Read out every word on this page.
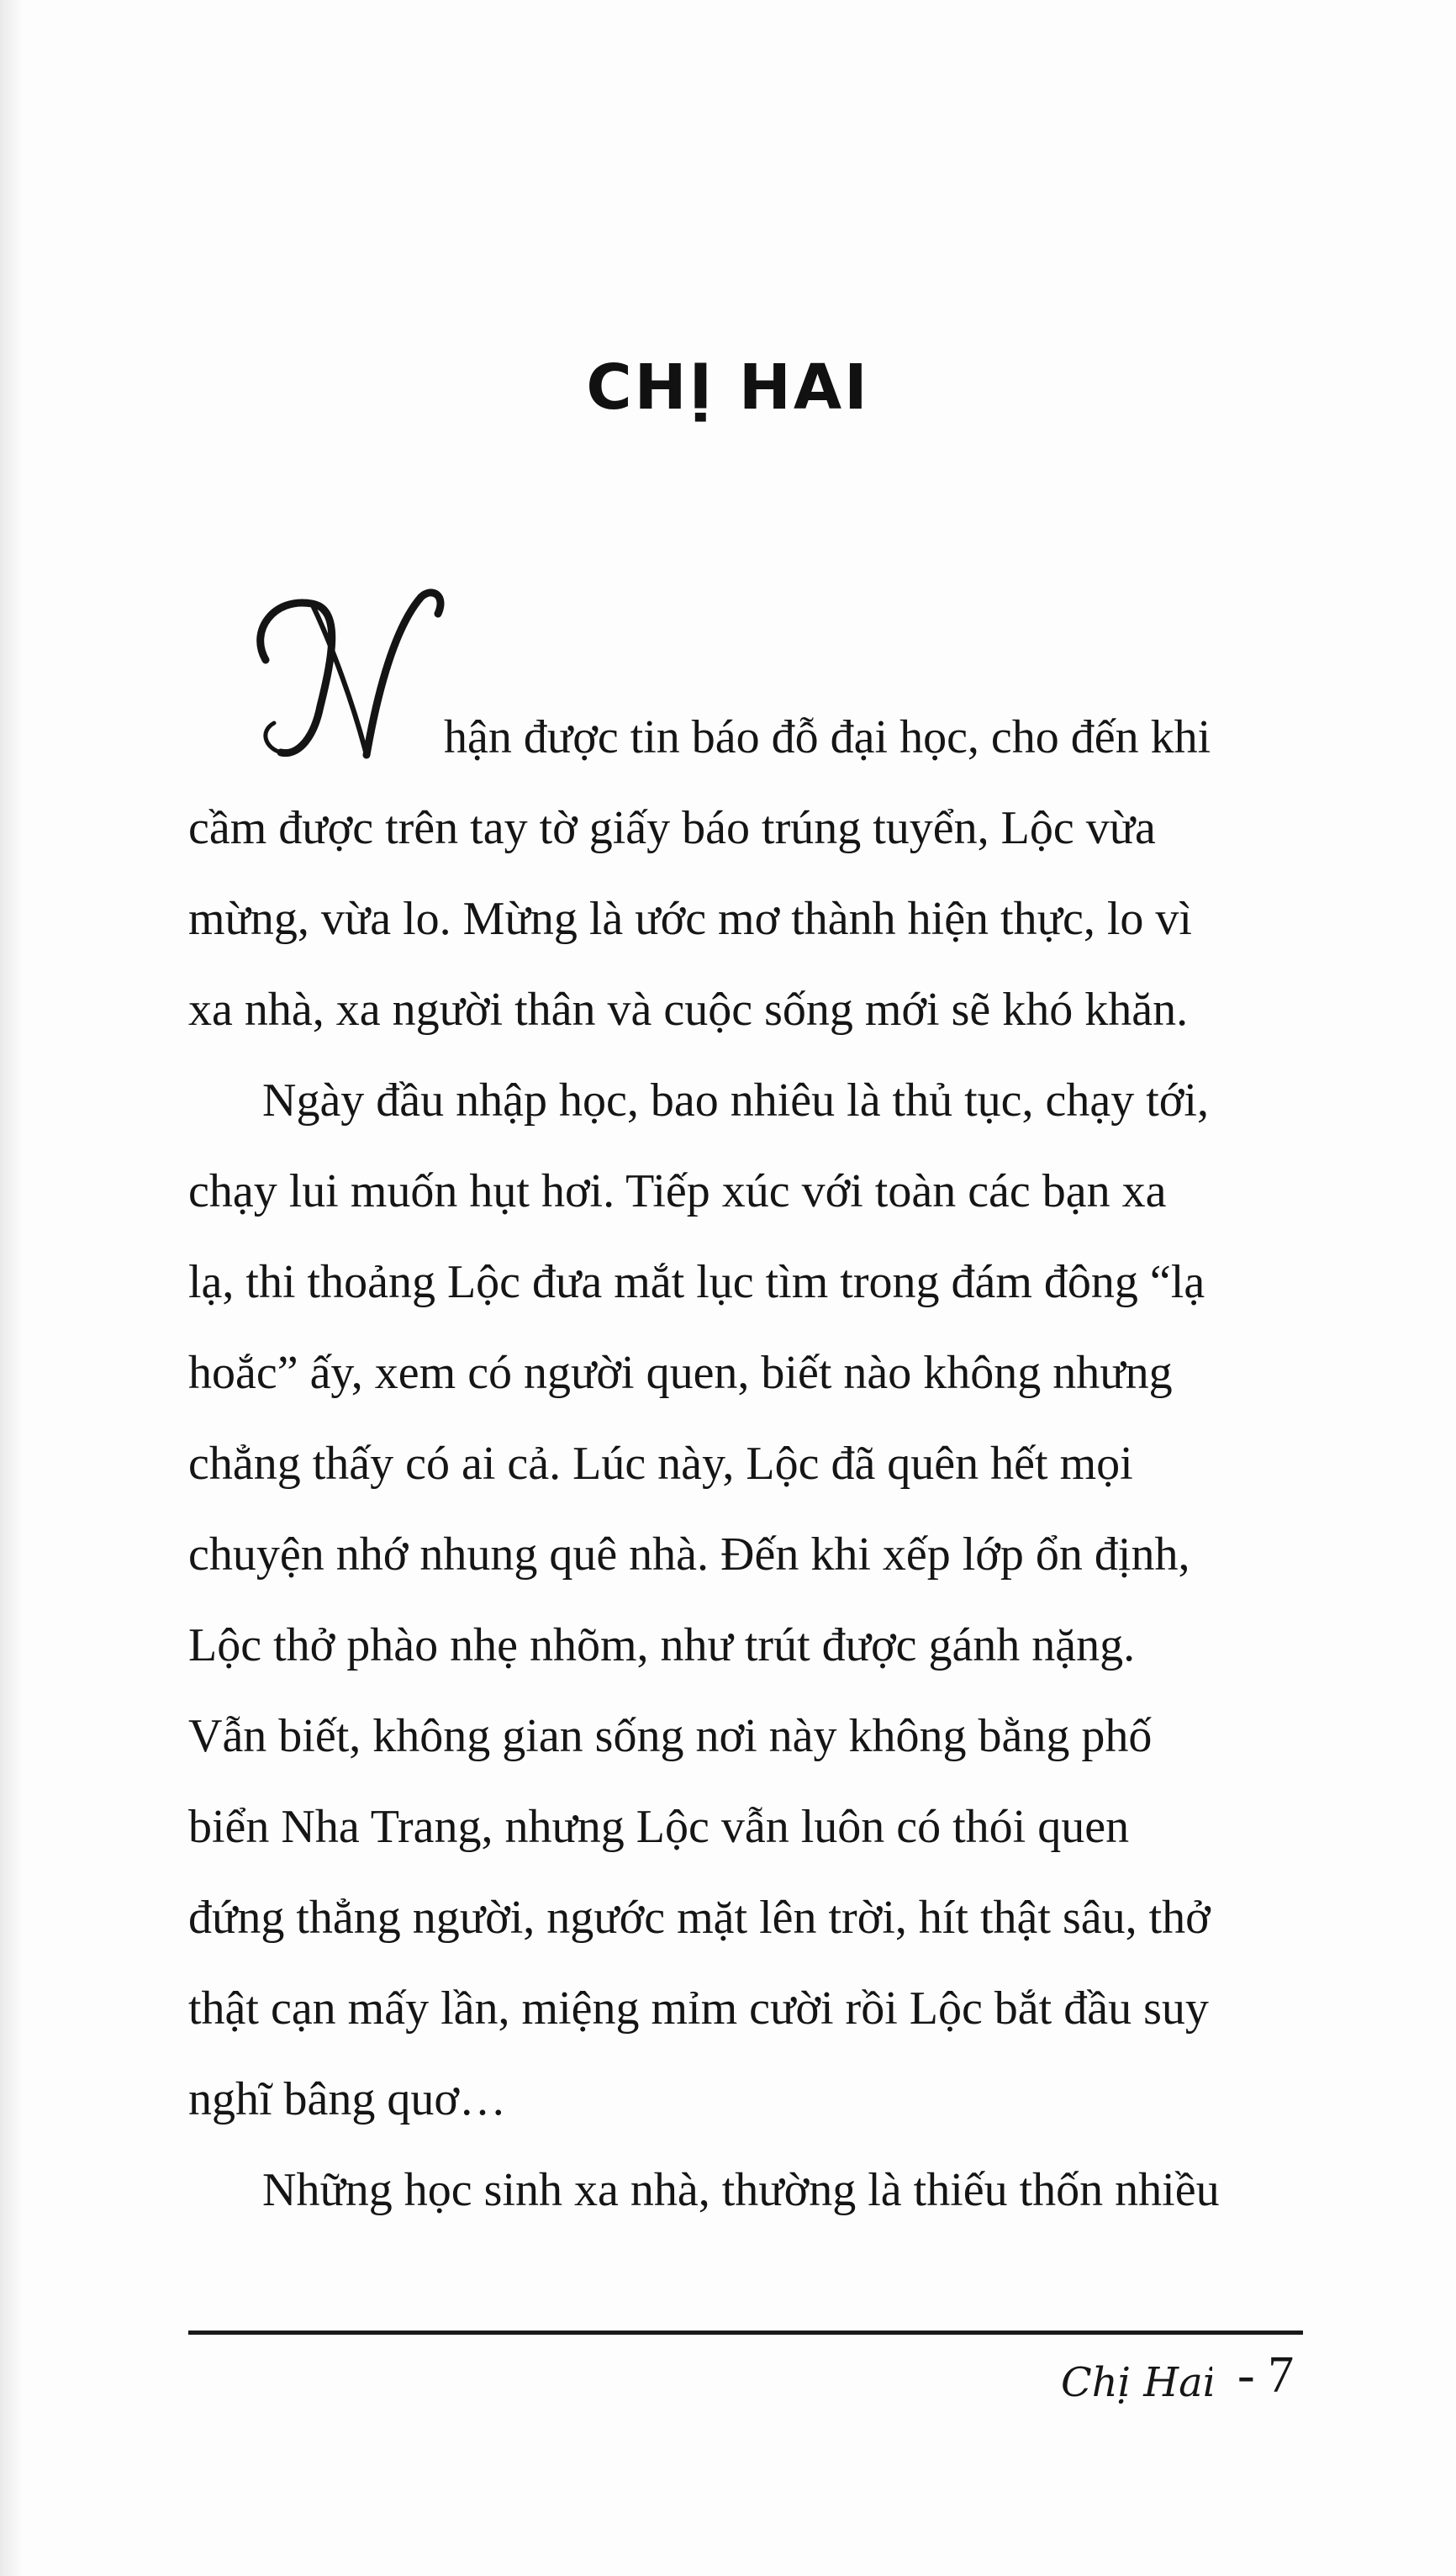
CHỊ HAI
hận được tin báo đỗ đại học, cho đến khi
cầm được trên tay tờ giấy báo trúng tuyển, Lộc vừa
mừng, vừa lo. Mừng là ước mơ thành hiện thực, lo vì
xa nhà, xa người thân và cuộc sống mới sẽ khó khăn.
Ngày đầu nhập học, bao nhiêu là thủ tục, chạy tới,
chạy lui muốn hụt hơi. Tiếp xúc với toàn các bạn xa
lạ, thi thoảng Lộc đưa mắt lục tìm trong đám đông “lạ
hoắc” ấy, xem có người quen, biết nào không nhưng
chẳng thấy có ai cả. Lúc này, Lộc đã quên hết mọi
chuyện nhớ nhung quê nhà. Đến khi xếp lớp ổn định,
Lộc thở phào nhẹ nhõm, như trút được gánh nặng.
Vẫn biết, không gian sống nơi này không bằng phố
biển Nha Trang, nhưng Lộc vẫn luôn có thói quen
đứng thẳng người, ngước mặt lên trời, hít thật sâu, thở
thật cạn mấy lần, miệng mỉm cười rồi Lộc bắt đầu suy
nghĩ bâng quơ…
Những học sinh xa nhà, thường là thiếu thốn nhiều
Chị Hai - 7
